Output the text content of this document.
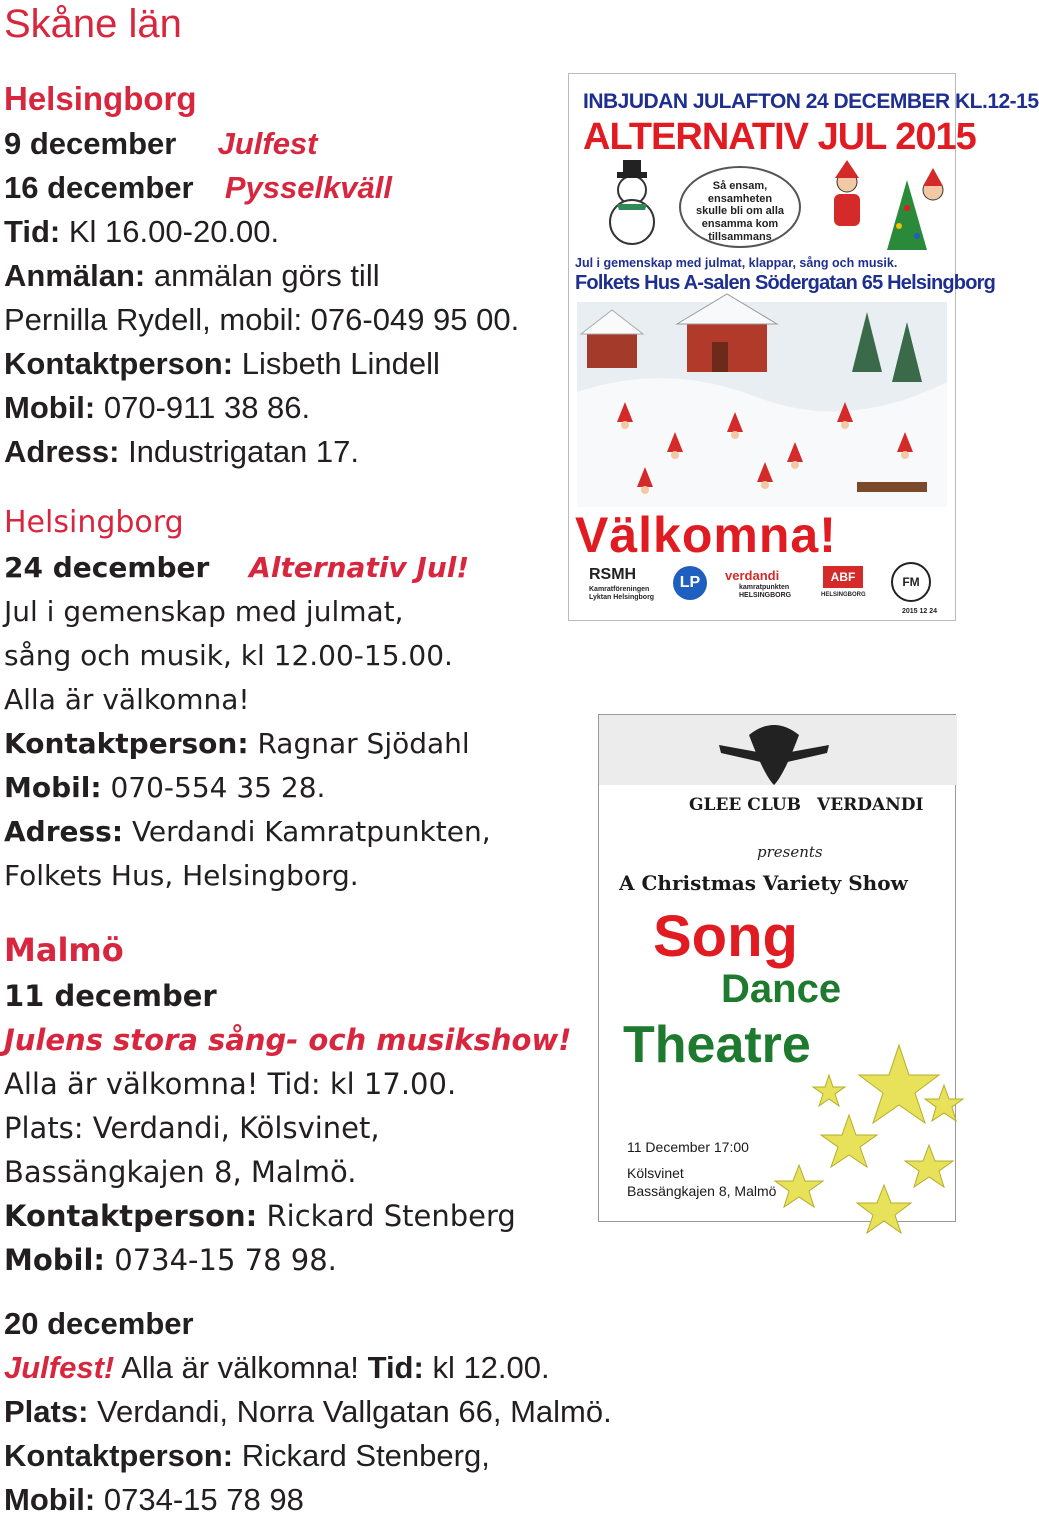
Skåne län
Helsingborg
9 december Julfest
16 december Pysselkväll
Tid: Kl 16.00-20.00.
Anmälan: anmälan görs till
Pernilla Rydell, mobil: 076-049 95 00.
Kontaktperson: Lisbeth Lindell
Mobil: 070-911 38 86.
Adress: Industrigatan 17.
Helsingborg
24 december Alternativ Jul!
Jul i gemenskap med julmat,
sång och musik, kl 12.00-15.00.
Alla är välkomna!
Kontaktperson: Ragnar Sjödahl
Mobil: 070-554 35 28.
Adress: Verdandi Kamratpunkten,
Folkets Hus, Helsingborg.
Malmö
11 december
Julens stora sång- och musikshow!
Alla är välkomna! Tid: kl 17.00.
Plats: Verdandi, Kölsvinet,
Bassängkajen 8, Malmö.
Kontaktperson: Rickard Stenberg
Mobil: 0734-15 78 98.
20 december
Julfest! Alla är välkomna! Tid: kl 12.00.
Plats: Verdandi, Norra Vallgatan 66, Malmö.
Kontaktperson: Rickard Stenberg,
Mobil: 0734-15 78 98
INBJUDAN JULAFTON 24 DECEMBER KL.12-15
ALTERNATIV JUL 2015
Så ensam,
ensamheten
skulle bli om alla
ensamma kom
tillsammans
Jul i gemenskap med julmat, klappar, sång och musik.
Folkets Hus A-salen Södergatan 65 Helsingborg
Välkomna!
RSMH
Kamratföreningen
Lyktan Helsingborg
LP	verdandi
kamratpunkten
HELSINGBORG
ABF
HELSINGBORG
FM
2015 12 24
GLEE CLUB VERDANDI
presents
A Christmas Variety Show
Song
Dance
Theatre
11 December 17:00
Kölsvinet
Bassängkajen 8, Malmö
